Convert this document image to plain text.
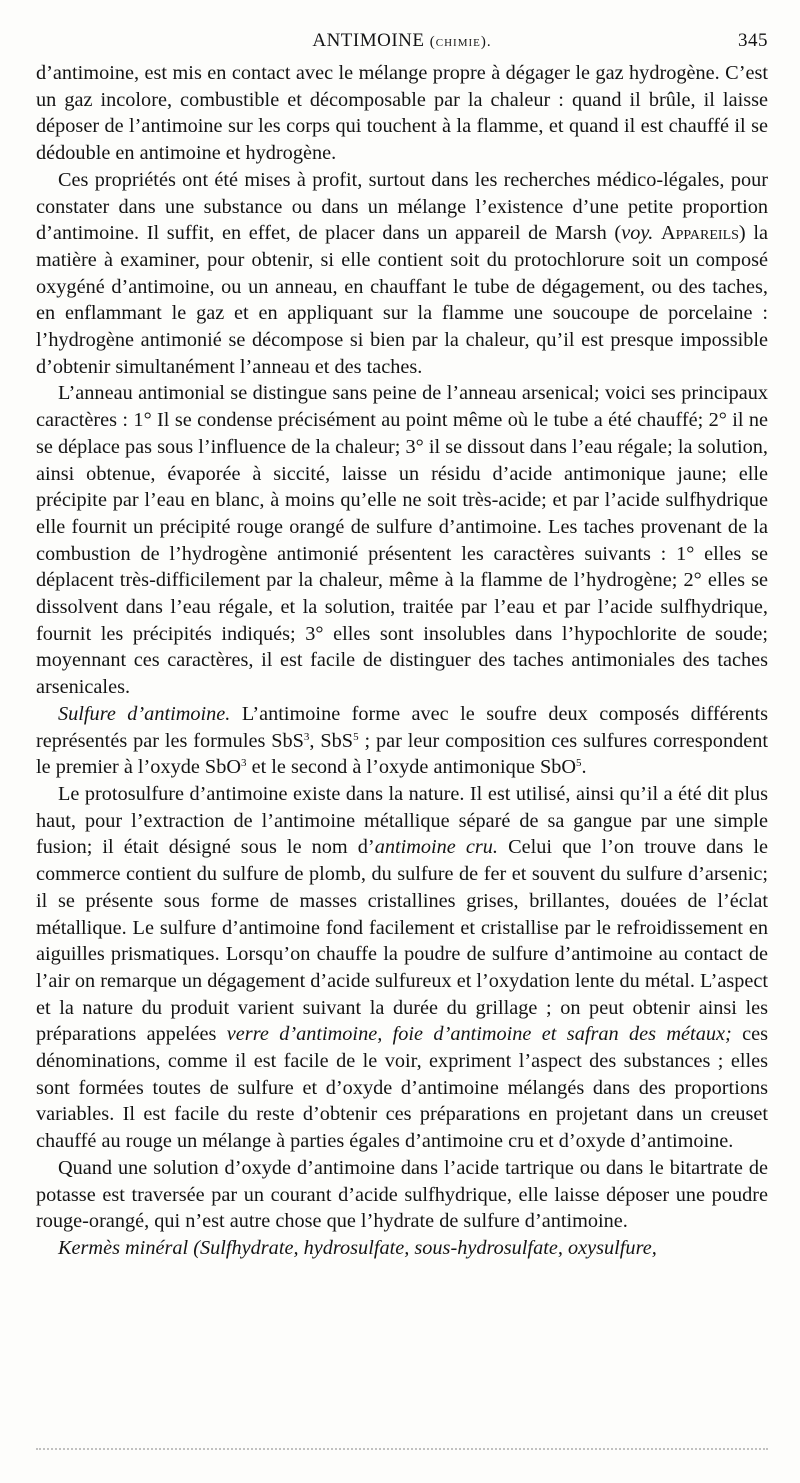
ANTIMOINE (chimie).	345

d’antimoine, est mis en contact avec le mélange propre à dégager le gaz hydrogène. C’est un gaz incolore, combustible et décomposable par la chaleur : quand il brûle, il laisse déposer de l’antimoine sur les corps qui touchent à la flamme, et quand il est chauffé il se dédouble en antimoine et hydrogène.

Ces propriétés ont été mises à profit, surtout dans les recherches médico-légales, pour constater dans une substance ou dans un mélange l’existence d’une petite proportion d’antimoine. Il suffit, en effet, de placer dans un appareil de Marsh (voy. Appareils) la matière à examiner, pour obtenir, si elle contient soit du protochlorure soit un composé oxygéné d’antimoine, ou un anneau, en chauffant le tube de dégagement, ou des taches, en enflammant le gaz et en appliquant sur la flamme une soucoupe de porcelaine : l’hydrogène antimonié se décompose si bien par la chaleur, qu’il est presque impossible d’obtenir simultanément l’anneau et des taches.

L’anneau antimonial se distingue sans peine de l’anneau arsenical; voici ses principaux caractères : 1° Il se condense précisément au point même où le tube a été chauffé; 2° il ne se déplace pas sous l’influence de la chaleur; 3° il se dissout dans l’eau régale; la solution, ainsi obtenue, évaporée à siccité, laisse un résidu d’acide antimonique jaune; elle précipite par l’eau en blanc, à moins qu’elle ne soit très-acide; et par l’acide sulfhydrique elle fournit un précipité rouge orangé de sulfure d’antimoine. Les taches provenant de la combustion de l’hydrogène antimonié présentent les caractères suivants : 1° elles se déplacent très-difficilement par la chaleur, même à la flamme de l’hydrogène; 2° elles se dissolvent dans l’eau régale, et la solution, traitée par l’eau et par l’acide sulfhydrique, fournit les précipités indiqués; 3° elles sont insolubles dans l’hypochlorite de soude; moyennant ces caractères, il est facile de distinguer des taches antimoniales des taches arsenicales.

Sulfure d’antimoine. L’antimoine forme avec le soufre deux composés différents représentés par les formules SbS$^3$, SbS$^5$ ; par leur composition ces sulfures correspondent le premier à l’oxyde SbO$^3$ et le second à l’oxyde antimonique SbO$^5$.

Le protosulfure d’antimoine existe dans la nature. Il est utilisé, ainsi qu’il a été dit plus haut, pour l’extraction de l’antimoine métallique séparé de sa gangue par une simple fusion; il était désigné sous le nom d’antimoine cru. Celui que l’on trouve dans le commerce contient du sulfure de plomb, du sulfure de fer et souvent du sulfure d’arsenic; il se présente sous forme de masses cristallines grises, brillantes, douées de l’éclat métallique. Le sulfure d’antimoine fond facilement et cristallise par le refroidissement en aiguilles prismatiques. Lorsqu’on chauffe la poudre de sulfure d’antimoine au contact de l’air on remarque un dégagement d’acide sulfureux et l’oxydation lente du métal. L’aspect et la nature du produit varient suivant la durée du grillage ; on peut obtenir ainsi les préparations appelées verre d’antimoine, foie d’antimoine et safran des métaux; ces dénominations, comme il est facile de le voir, expriment l’aspect des substances ; elles sont formées toutes de sulfure et d’oxyde d’antimoine mélangés dans des proportions variables. Il est facile du reste d’obtenir ces préparations en projetant dans un creuset chauffé au rouge un mélange à parties égales d’antimoine cru et d’oxyde d’antimoine.

Quand une solution d’oxyde d’antimoine dans l’acide tartrique ou dans le bitartrate de potasse est traversée par un courant d’acide sulfhydrique, elle laisse déposer une poudre rouge-orangé, qui n’est autre chose que l’hydrate de sulfure d’antimoine.

Kermès minéral (Sulfhydrate, hydrosulfate, sous-hydrosulfate, oxysulfure,
